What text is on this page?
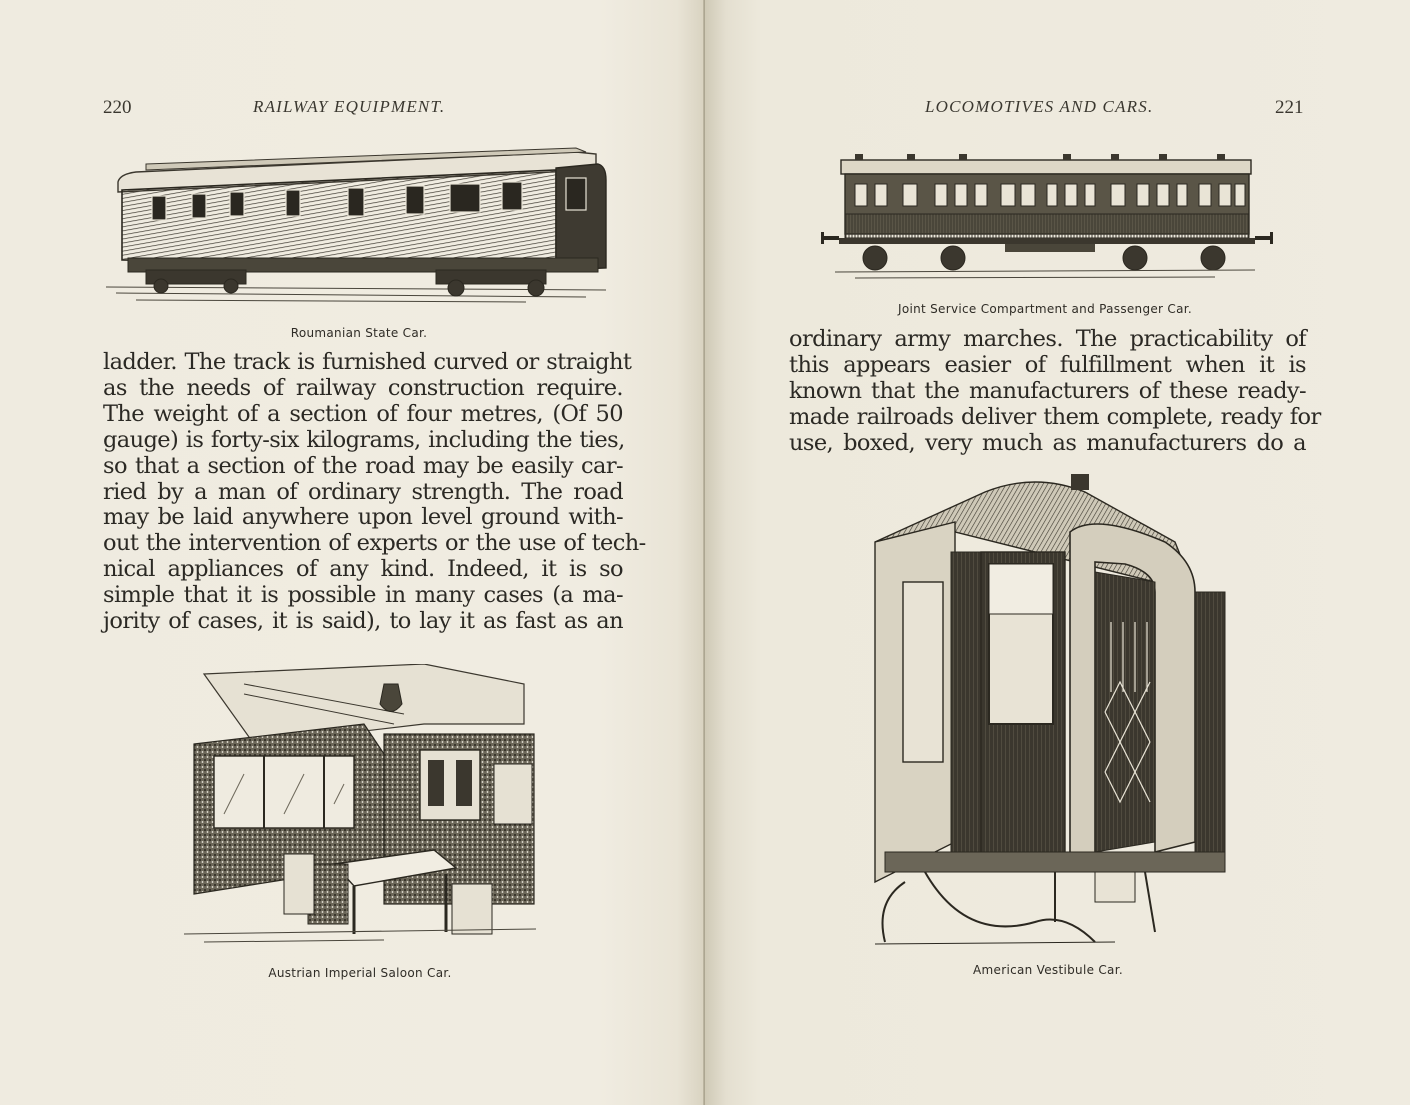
220	RAILWAY EQUIPMENT.
Roumanian State Car.
ladder. The track is furnished curved or straight
as the needs of railway construction require.
The weight of a section of four metres, (Of 50
gauge) is forty-six kilograms, including the ties,
so that a section of the road may be easily car-
ried by a man of ordinary strength. The road
may be laid anywhere upon level ground with-
out the intervention of experts or the use of tech-
nical appliances of any kind. Indeed, it is so
simple that it is possible in many cases (a ma-
jority of cases, it is said), to lay it as fast as an
Austrian Imperial Saloon Car.
LOCOMOTIVES AND CARS.	221
Joint Service Compartment and Passenger Car.
ordinary army marches. The practicability of
this appears easier of fulfillment when it is
known that the manufacturers of these ready-
made railroads deliver them complete, ready for
use, boxed, very much as manufacturers do a
American Vestibule Car.
